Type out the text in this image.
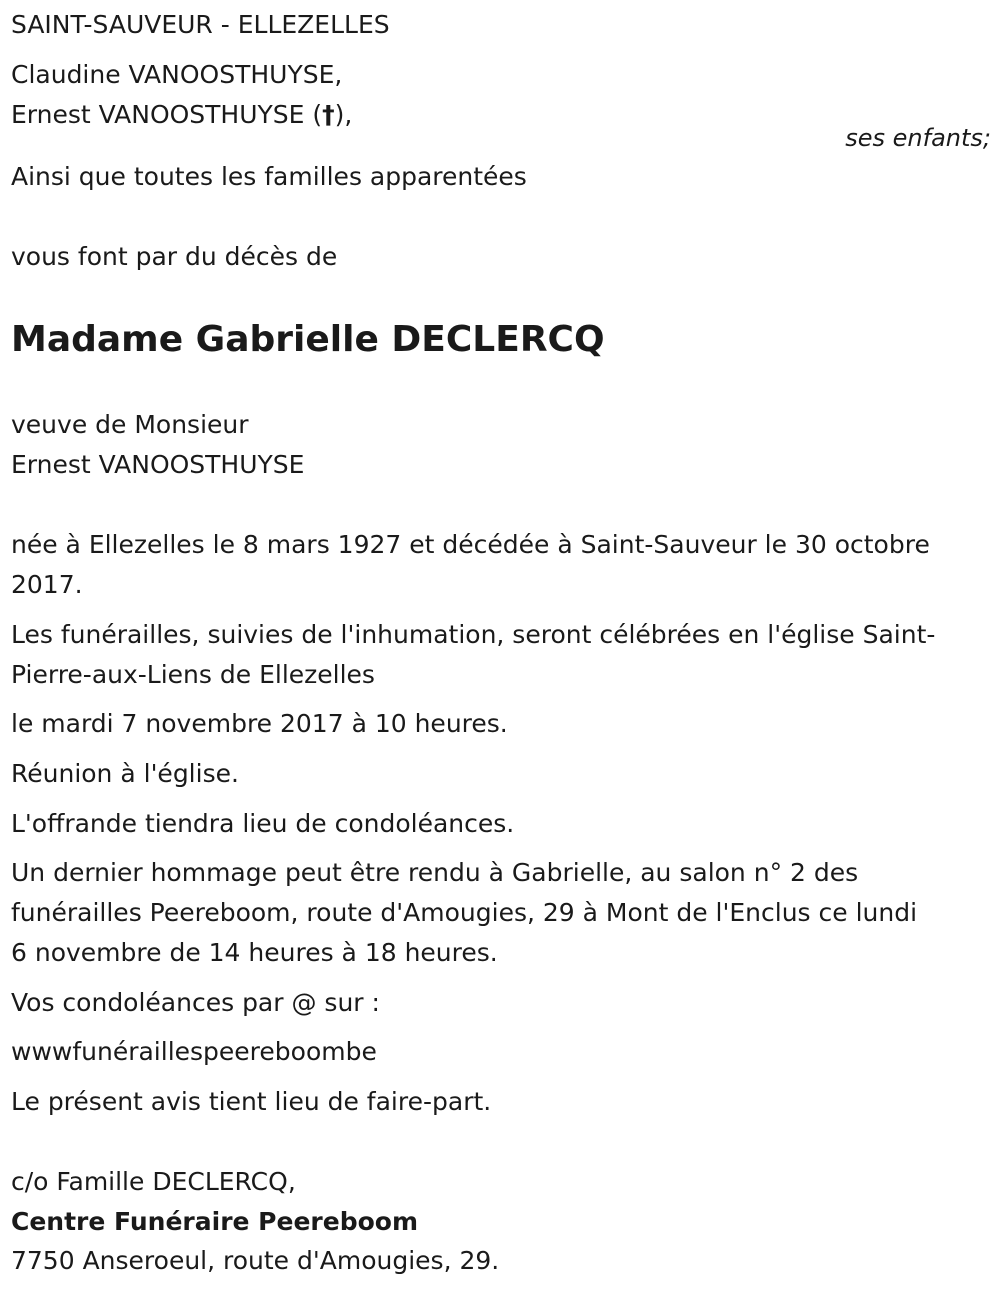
SAINT-SAUVEUR - ELLEZELLES
Claudine VANOOSTHUYSE,
Ernest VANOOSTHUYSE (†),
ses enfants;
Ainsi que toutes les familles apparentées
vous font par du décès de
Madame Gabrielle DECLERCQ
veuve de Monsieur
Ernest VANOOSTHUYSE
née à Ellezelles le 8 mars 1927 et décédée à Saint-Sauveur le 30 octobre
2017.
Les funérailles, suivies de l'inhumation, seront célébrées en l'église Saint-
Pierre-aux-Liens de Ellezelles
le mardi 7 novembre 2017 à 10 heures.
Réunion à l'église.
L'offrande tiendra lieu de condoléances.
Un dernier hommage peut être rendu à Gabrielle, au salon n° 2 des
funérailles Peereboom, route d'Amougies, 29 à Mont de l'Enclus ce lundi
6 novembre de 14 heures à 18 heures.
Vos condoléances par @ sur :
wwwfunéraillespeereboombe
Le présent avis tient lieu de faire-part.
c/o Famille DECLERCQ,
Centre Funéraire Peereboom
7750 Anseroeul, route d'Amougies, 29.
